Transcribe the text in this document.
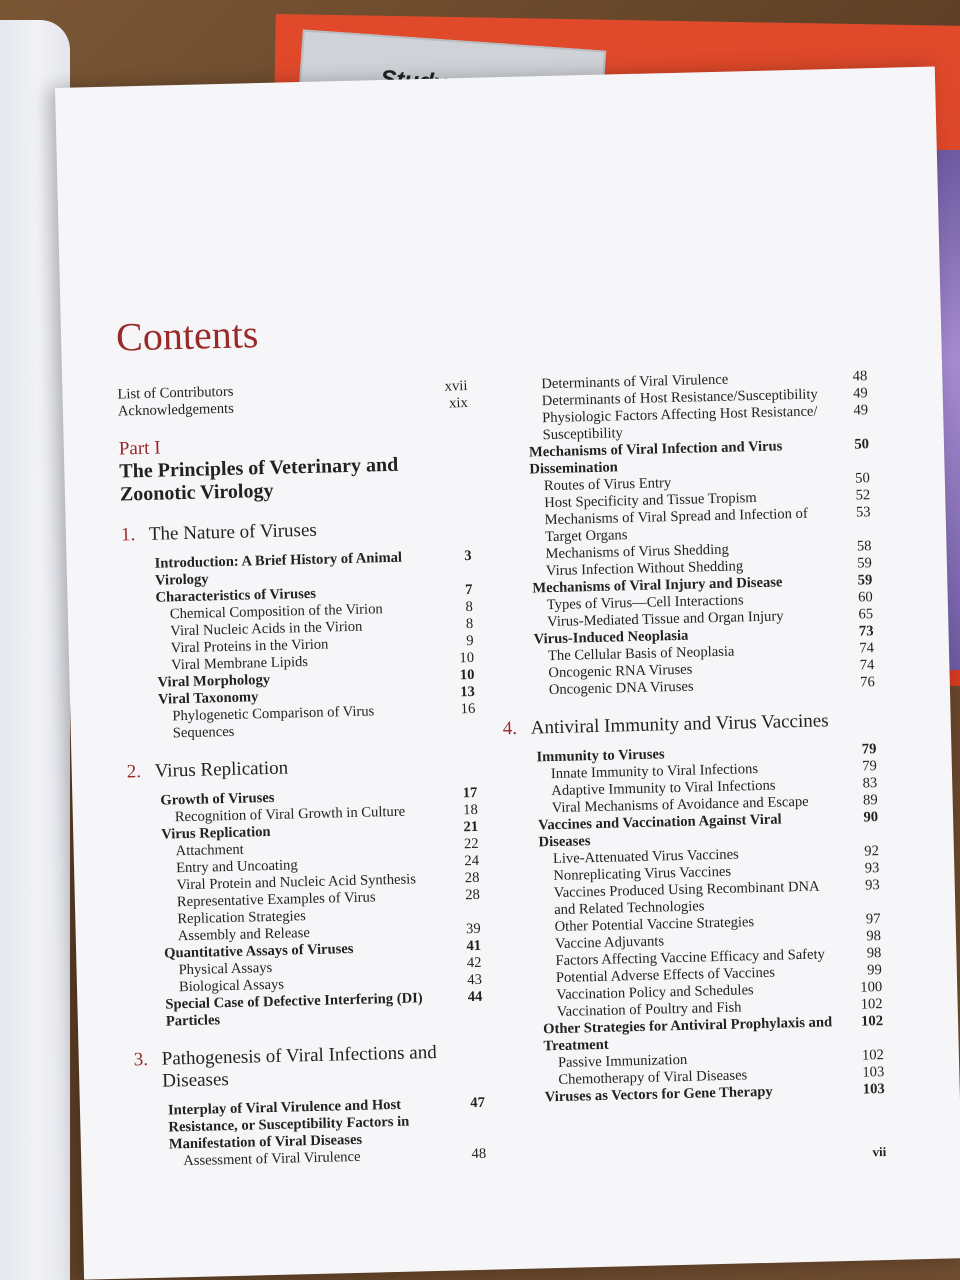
Contents
List of Contributors	xvii
Acknowledgements	xix
Part I
The Principles of Veterinary and Zoonotic Virology
1. The Nature of Viruses
Introduction: A Brief History of Animal Virology
3
Characteristics of Viruses	7
Chemical Composition of the Virion	8
Viral Nucleic Acids in the Virion	8
Viral Proteins in the Virion	9
Viral Membrane Lipids	10
Viral Morphology	10
Viral Taxonomy	13
Phylogenetic Comparison of Virus Sequences
16
2. Virus Replication
Growth of Viruses	17
Recognition of Viral Growth in Culture	18
Virus Replication	21
Attachment	22
Entry and Uncoating	24
Viral Protein and Nucleic Acid Synthesis	28
Representative Examples of Virus Replication Strategies
28
Assembly and Release	39
Quantitative Assays of Viruses	41
Physical Assays	42
Biological Assays	43
Special Case of Defective Interfering (DI) Particles
44
3. Pathogenesis of Viral Infections and Diseases
Interplay of Viral Virulence and Host Resistance, or Susceptibility Factors in Manifestation of Viral Diseases
47
Assessment of Viral Virulence	48
Determinants of Viral Virulence	48
Determinants of Host Resistance/Susceptibility 49
Physiologic Factors Affecting Host Resistance/ Susceptibility
49
Mechanisms of Viral Infection and Virus Dissemination
50
Routes of Virus Entry	50
Host Specificity and Tissue Tropism	52
Mechanisms of Viral Spread and Infection of Target Organs
53
Mechanisms of Virus Shedding	58
Virus Infection Without Shedding	59
Mechanisms of Viral Injury and Disease	59
Types of Virus—Cell Interactions	60
Virus-Mediated Tissue and Organ Injury	65
Virus-Induced Neoplasia	73
The Cellular Basis of Neoplasia	74
Oncogenic RNA Viruses	74
Oncogenic DNA Viruses	76
4. Antiviral Immunity and Virus Vaccines
Immunity to Viruses	79
Innate Immunity to Viral Infections	79
Adaptive Immunity to Viral Infections	83
Viral Mechanisms of Avoidance and Escape	89
Vaccines and Vaccination Against Viral Diseases
90
Live-Attenuated Virus Vaccines	92
Nonreplicating Virus Vaccines	93
Vaccines Produced Using Recombinant DNA and Related Technologies
93
Other Potential Vaccine Strategies	97
Vaccine Adjuvants	98
Factors Affecting Vaccine Efficacy and Safety	98
Potential Adverse Effects of Vaccines	99
Vaccination Policy and Schedules	100
Vaccination of Poultry and Fish	102
Other Strategies for Antiviral Prophylaxis and Treatment
102
Passive Immunization	102
Chemotherapy of Viral Diseases	103
Viruses as Vectors for Gene Therapy	103
vii
